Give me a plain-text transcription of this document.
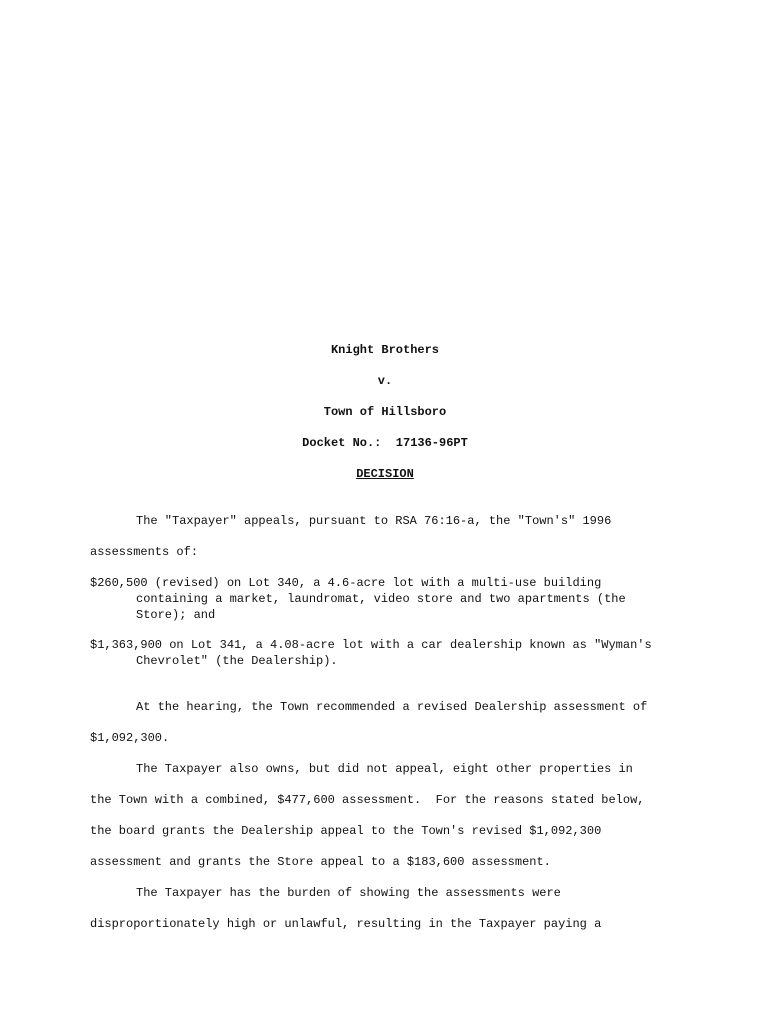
Knight Brothers

v.

Town of Hillsboro

Docket No.:  17136-96PT

DECISION

The "Taxpayer" appeals, pursuant to RSA 76:16-a, the "Town's" 1996

assessments of:

$260,500 (revised) on Lot 340, a 4.6-acre lot with a multi-use building

containing a market, laundromat, video store and two apartments (the

Store); and

$1,363,900 on Lot 341, a 4.08-acre lot with a car dealership known as "Wyman's

Chevrolet" (the Dealership).

At the hearing, the Town recommended a revised Dealership assessment of

$1,092,300.

The Taxpayer also owns, but did not appeal, eight other properties in

the Town with a combined, $477,600 assessment.  For the reasons stated below,

the board grants the Dealership appeal to the Town's revised $1,092,300

assessment and grants the Store appeal to a $183,600 assessment.

The Taxpayer has the burden of showing the assessments were

disproportionately high or unlawful, resulting in the Taxpayer paying a
